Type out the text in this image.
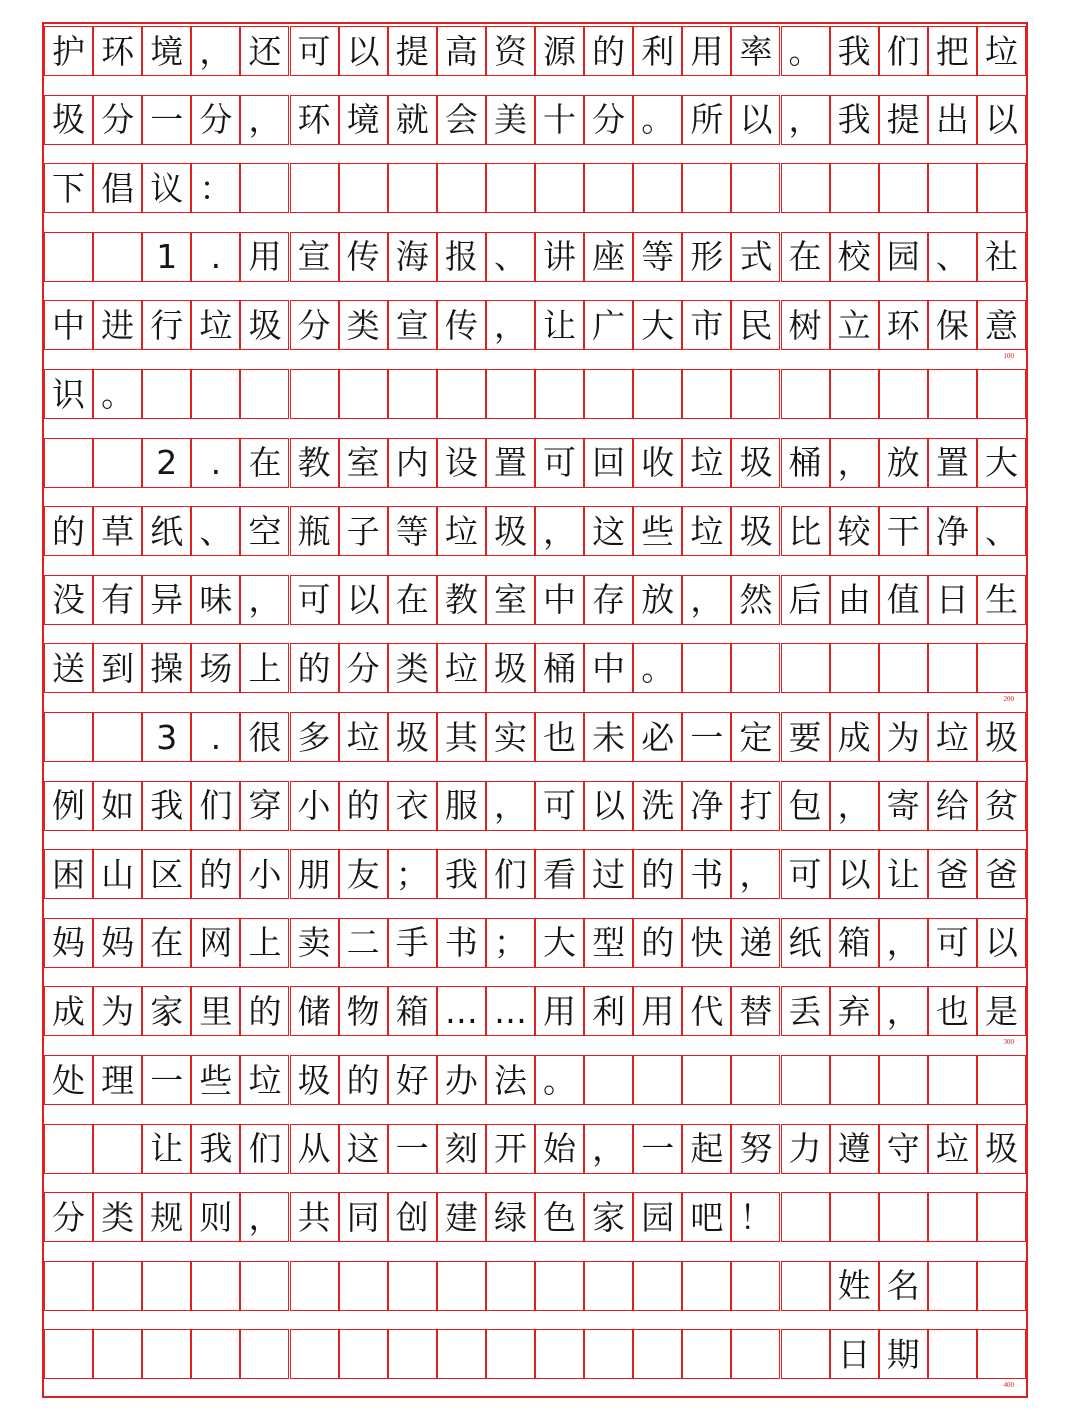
护 环 境 ， 还 可 以 提 高 资 源 的 利 用 率 。 我 们 把 垃
圾 分 一 分 ， 环 境 就 会 美 十 分 。 所 以 ， 我 提 出 以
下 倡 议 ：
1	. 用 宣 传 海 报 、 讲 座 等 形 式 在 校 园 、 社
中 进 行 垃 圾 分 类 宣 传 ， 让 广 大 市 民 树 立 环 保 意
识 。
2	. 在 教 室 内 设 置 可 回 收 垃 圾 桶 ， 放 置 大
的 草 纸 、 空 瓶 子 等 垃 圾 ， 这 些 垃 圾 比 较 干 净 、
没 有 异 味 ， 可 以 在 教 室 中 存 放 ， 然 后 由 值 日 生
送 到 操 场 上 的 分 类 垃 圾 桶 中 。
3	. 很 多 垃 圾 其 实 也 未 必 一 定 要 成 为 垃 圾
例 如 我 们 穿 小 的 衣 服 ， 可 以 洗 净 打 包 ， 寄 给 贫
困 山 区 的 小 朋 友 ； 我 们 看 过 的 书 ， 可 以 让 爸 爸
妈 妈 在 网 上 卖 二 手 书 ； 大 型 的 快 递 纸 箱 ， 可 以
成 为 家 里 的 储 物 箱 … … 用 利 用 代 替 丢 弃 ， 也 是
处 理 一 些 垃 圾 的 好 办 法 。
让 我 们 从 这 一 刻 开 始 ， 一 起 努 力 遵 守 垃 圾
分 类 规 则 ， 共 同 创 建 绿 色 家 园 吧 ！
姓 名
日 期
100
200
300
400
